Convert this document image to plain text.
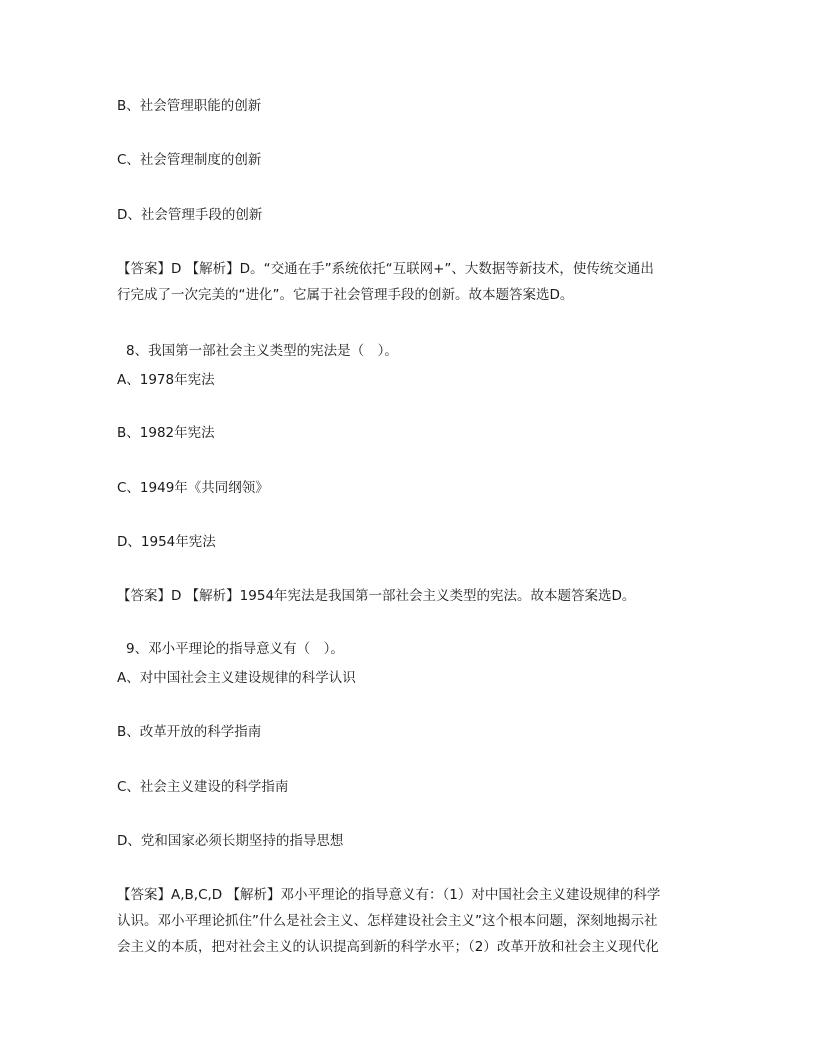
B、社会管理职能的创新
C、社会管理制度的创新
D、社会管理手段的创新
【答案】D 【解析】D。“交通在手”系统依托“互联网+”、大数据等新技术，使传统交通出
行完成了一次完美的“进化”。它属于社会管理手段的创新。故本题答案选D。
8、我国第一部社会主义类型的宪法是（　）。
A、1978年宪法
B、1982年宪法
C、1949年《共同纲领》
D、1954年宪法
【答案】D 【解析】1954年宪法是我国第一部社会主义类型的宪法。故本题答案选D。
9、邓小平理论的指导意义有（　）。
A、对中国社会主义建设规律的科学认识
B、改革开放的科学指南
C、社会主义建设的科学指南
D、党和国家必须长期坚持的指导思想
【答案】A,B,C,D 【解析】邓小平理论的指导意义有：（1）对中国社会主义建设规律的科学
认识。邓小平理论抓住”什么是社会主义、怎样建设社会主义”这个根本问题，深刻地揭示社
会主义的本质，把对社会主义的认识提高到新的科学水平；（2）改革开放和社会主义现代化
